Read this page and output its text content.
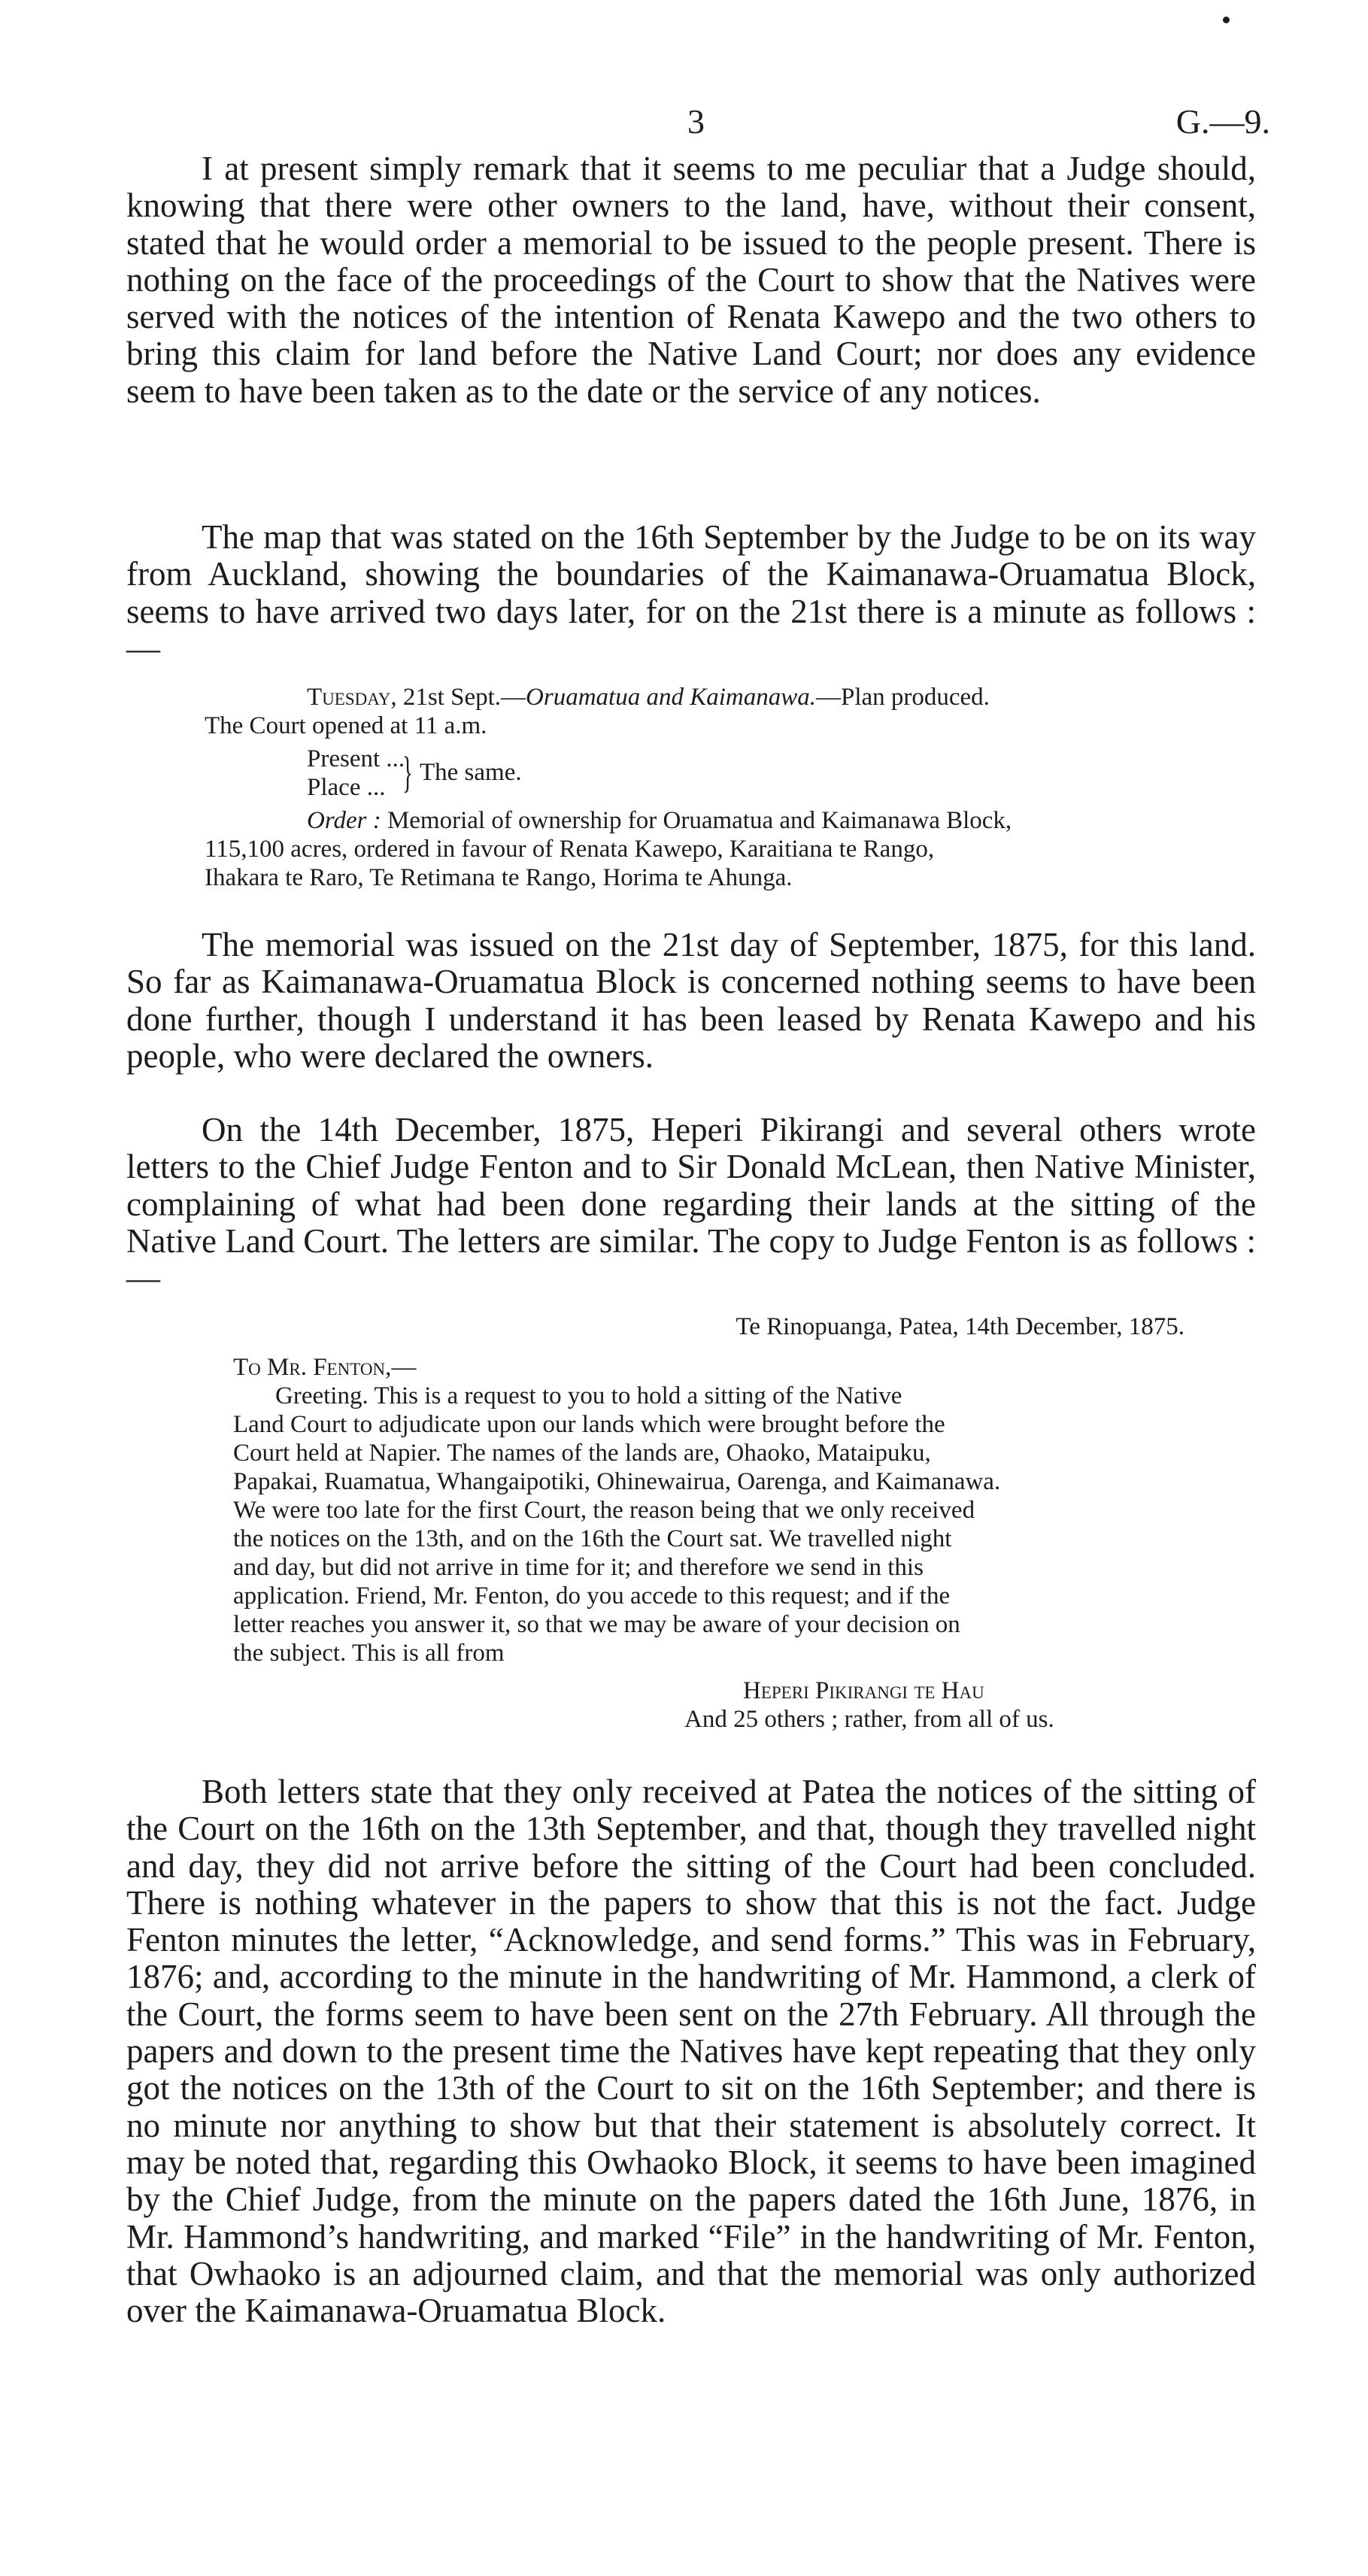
3	G.—9.

I at present simply remark that it seems to me peculiar that a Judge should, knowing that there were other owners to the land, have, without their consent, stated that he would order a memorial to be issued to the people present. There is nothing on the face of the proceedings of the Court to show that the Natives were served with the notices of the intention of Renata Kawepo and the two others to bring this claim for land before the Native Land Court; nor does any evidence seem to have been taken as to the date or the service of any notices.

The map that was stated on the 16th September by the Judge to be on its way from Auckland, showing the boundaries of the Kaimanawa-Oruamatua Block, seems to have arrived two days later, for on the 21st there is a minute as follows :—

Tuesday, 21st Sept.—Oruamatua and Kaimanawa.—Plan produced.
The Court opened at 11 a.m.
Present ...
Place ... } The same.
Order : Memorial of ownership for Oruamatua and Kaimanawa Block,
115,100 acres, ordered in favour of Renata Kawepo, Karaitiana te Rango,
Ihakara te Raro, Te Retimana te Rango, Horima te Ahunga.

The memorial was issued on the 21st day of September, 1875, for this land. So far as Kaimanawa-Oruamatua Block is concerned nothing seems to have been done further, though I understand it has been leased by Renata Kawepo and his people, who were declared the owners.

On the 14th December, 1875, Heperi Pikirangi and several others wrote letters to the Chief Judge Fenton and to Sir Donald McLean, then Native Minister, complaining of what had been done regarding their lands at the sitting of the Native Land Court. The letters are similar. The copy to Judge Fenton is as follows :—

Te Rinopuanga, Patea, 14th December, 1875.
To Mr. Fenton,—
Greeting. This is a request to you to hold a sitting of the Native
Land Court to adjudicate upon our lands which were brought before the
Court held at Napier. The names of the lands are, Ohaoko, Mataipuku,
Papakai, Ruamatua, Whangaipotiki, Ohinewairua, Oarenga, and Kaimanawa.
We were too late for the first Court, the reason being that we only received
the notices on the 13th, and on the 16th the Court sat. We travelled night
and day, but did not arrive in time for it; and therefore we send in this
application. Friend, Mr. Fenton, do you accede to this request; and if the
letter reaches you answer it, so that we may be aware of your decision on
the subject. This is all from
Heperi Pikirangi te Hau
And 25 others ; rather, from all of us.

Both letters state that they only received at Patea the notices of the sitting of the Court on the 16th on the 13th September, and that, though they travelled night and day, they did not arrive before the sitting of the Court had been concluded. There is nothing whatever in the papers to show that this is not the fact. Judge Fenton minutes the letter, “Acknowledge, and send forms.” This was in February, 1876; and, according to the minute in the handwriting of Mr. Hammond, a clerk of the Court, the forms seem to have been sent on the 27th February. All through the papers and down to the present time the Natives have kept repeating that they only got the notices on the 13th of the Court to sit on the 16th September; and there is no minute nor anything to show but that their statement is absolutely correct. It may be noted that, regarding this Owhaoko Block, it seems to have been imagined by the Chief Judge, from the minute on the papers dated the 16th June, 1876, in Mr. Hammond’s handwriting, and marked “File” in the handwriting of Mr. Fenton, that Owhaoko is an adjourned claim, and that the memorial was only authorized over the Kaimanawa-Oruamatua Block.
